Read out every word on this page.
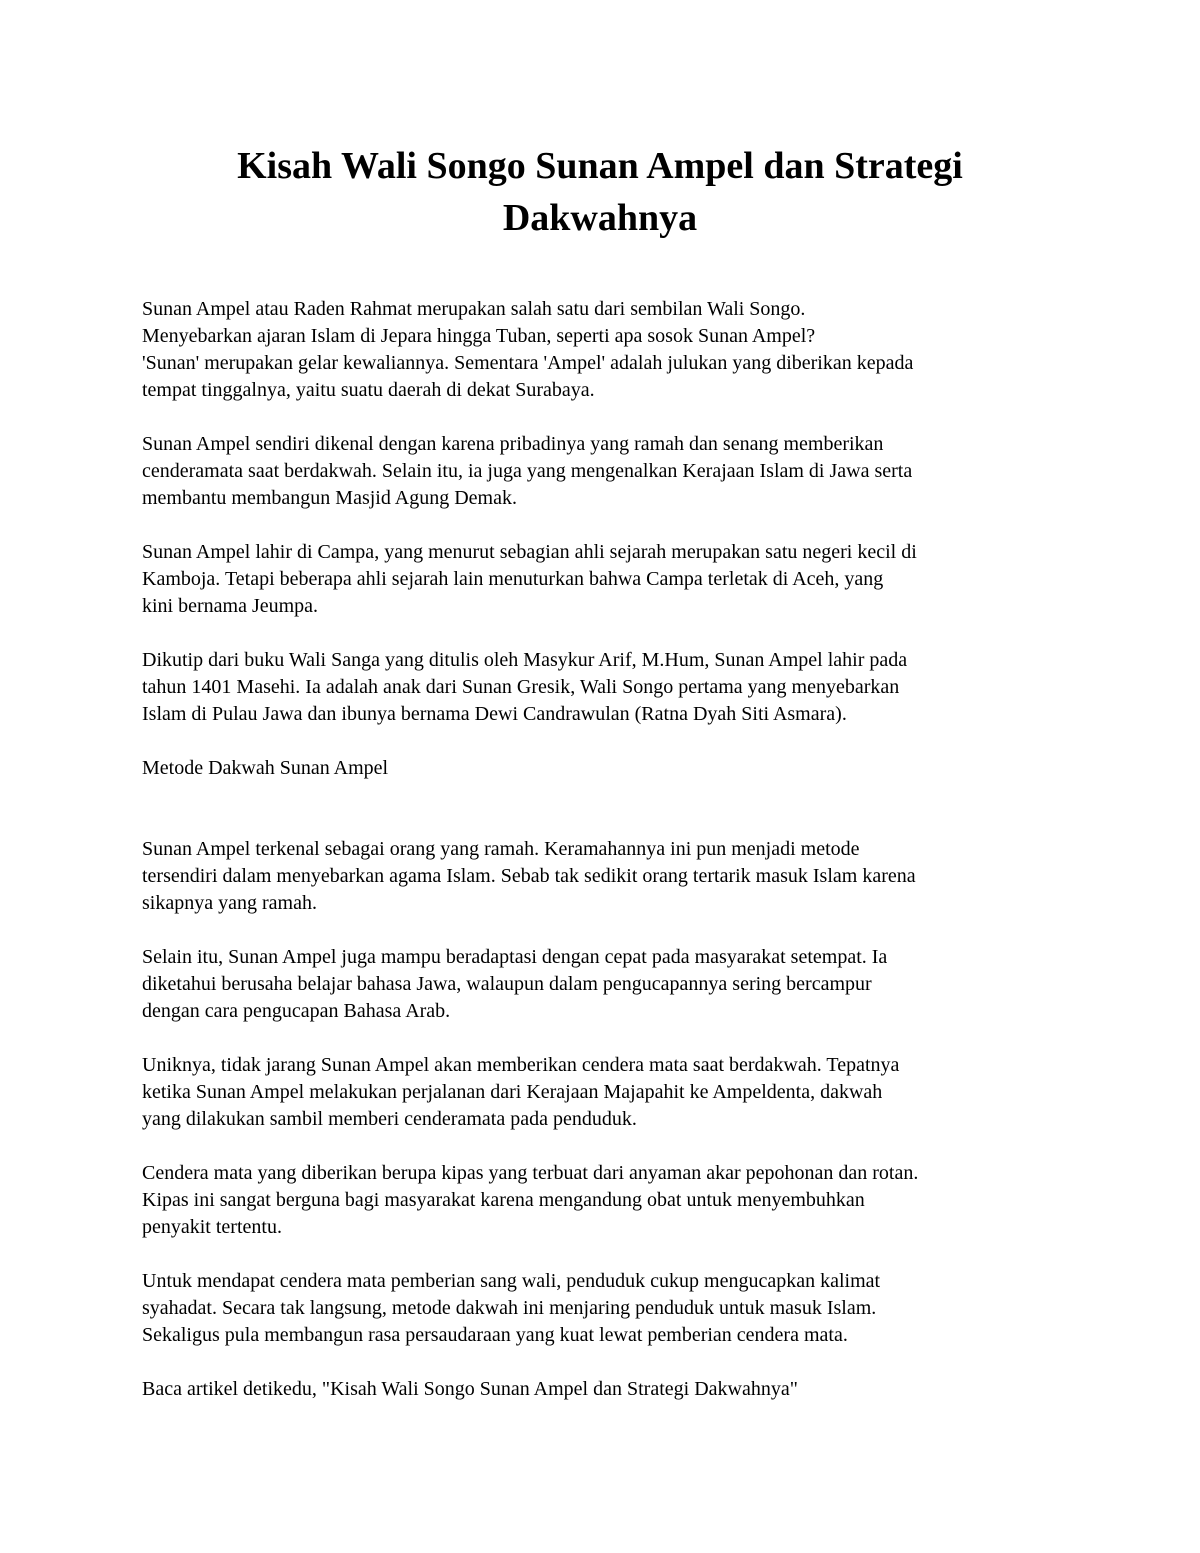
Kisah Wali Songo Sunan Ampel dan Strategi
Dakwahnya

Sunan Ampel atau Raden Rahmat merupakan salah satu dari sembilan Wali Songo.
Menyebarkan ajaran Islam di Jepara hingga Tuban, seperti apa sosok Sunan Ampel?
'Sunan' merupakan gelar kewaliannya. Sementara 'Ampel' adalah julukan yang diberikan kepada
tempat tinggalnya, yaitu suatu daerah di dekat Surabaya.

Sunan Ampel sendiri dikenal dengan karena pribadinya yang ramah dan senang memberikan
cenderamata saat berdakwah. Selain itu, ia juga yang mengenalkan Kerajaan Islam di Jawa serta
membantu membangun Masjid Agung Demak.

Sunan Ampel lahir di Campa, yang menurut sebagian ahli sejarah merupakan satu negeri kecil di
Kamboja. Tetapi beberapa ahli sejarah lain menuturkan bahwa Campa terletak di Aceh, yang
kini bernama Jeumpa.

Dikutip dari buku Wali Sanga yang ditulis oleh Masykur Arif, M.Hum, Sunan Ampel lahir pada
tahun 1401 Masehi. Ia adalah anak dari Sunan Gresik, Wali Songo pertama yang menyebarkan
Islam di Pulau Jawa dan ibunya bernama Dewi Candrawulan (Ratna Dyah Siti Asmara).

Metode Dakwah Sunan Ampel

Sunan Ampel terkenal sebagai orang yang ramah. Keramahannya ini pun menjadi metode
tersendiri dalam menyebarkan agama Islam. Sebab tak sedikit orang tertarik masuk Islam karena
sikapnya yang ramah.

Selain itu, Sunan Ampel juga mampu beradaptasi dengan cepat pada masyarakat setempat. Ia
diketahui berusaha belajar bahasa Jawa, walaupun dalam pengucapannya sering bercampur
dengan cara pengucapan Bahasa Arab.

Uniknya, tidak jarang Sunan Ampel akan memberikan cendera mata saat berdakwah. Tepatnya
ketika Sunan Ampel melakukan perjalanan dari Kerajaan Majapahit ke Ampeldenta, dakwah
yang dilakukan sambil memberi cenderamata pada penduduk.

Cendera mata yang diberikan berupa kipas yang terbuat dari anyaman akar pepohonan dan rotan.
Kipas ini sangat berguna bagi masyarakat karena mengandung obat untuk menyembuhkan
penyakit tertentu.

Untuk mendapat cendera mata pemberian sang wali, penduduk cukup mengucapkan kalimat
syahadat. Secara tak langsung, metode dakwah ini menjaring penduduk untuk masuk Islam.
Sekaligus pula membangun rasa persaudaraan yang kuat lewat pemberian cendera mata.

Baca artikel detikedu, "Kisah Wali Songo Sunan Ampel dan Strategi Dakwahnya"
